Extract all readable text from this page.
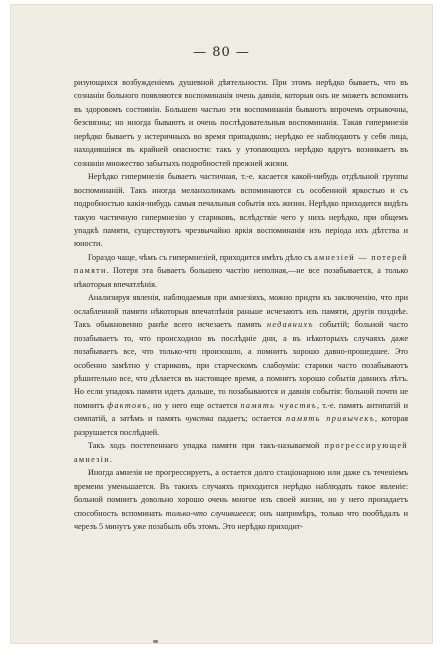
— 80 —

ризующихся возбужденіемъ душевной дѣятельности. При этомъ нерѣдко бываетъ, что въ сознаніи больного появляются воспоминанія очень давнія, которыя онъ не можетъ вспомнить въ здоровомъ состояніи. Большею частью эти воспоминанія бываютъ впрочемъ отрывочны, безсвязны; но иногда бываютъ и очень послѣдовательныя воспоминанія. Такая гипермнезія нерѣдко бываетъ у истеричныхъ во время припадковъ; нерѣдко ее наблюдаютъ у себя лица, находившіяся въ крайней опасности: такъ у утопающихъ нерѣдко вдругъ возникаетъ въ сознаніи множество забытыхъ подробностей прежней жизни.

Нерѣдко гипермнезія бываетъ частичная, т.-е. касается какой-нибудь отдѣльной группы воспоминаній. Такъ иногда меланхоликамъ вспоминаются съ особенной яркостью и съ подробностью какія-нибудь самыя печальныя событія ихъ жизни. Нерѣдко приходится видѣть такую частичную гипермнезію у стариковъ, вслѣдствіе чего у нихъ нерѣдко, при общемъ упадкѣ памяти, существуютъ чрезвычайно яркія воспоминанія изъ періода ихъ дѣтства и юности.

Гораздо чаще, чѣмъ съ гипермнезіей, приходится имѣть дѣло съ амнезіей — потерей памяти. Потеря эта бываетъ большею частію неполная,—не все позабывается, а только нѣкоторыя впечатлѣнія.

Анализируя явленія, наблюдаемыя при амнезіяхъ, можно придти къ заключенію, что при ослабленной памяти нѣкоторыя впечатлѣнія раньше исчезаютъ изъ памяти, другія позднѣе. Такъ обыкновенно ранѣе всего исчезаетъ память недавнихъ событій; больной часто позабываетъ то, что происходило въ послѣдніе дни, а въ нѣкоторыхъ случаяхъ даже позабываетъ все, что только-что произошло, а помнитъ хорошо давно-прошедшее. Это особенно замѣтно у стариковъ, при старческомъ слабоуміи: старики часто позабываютъ рѣшительно все, что дѣлается въ настоящее время, а помнятъ хорошо событія давнихъ лѣтъ. Но если упадокъ памяти идетъ дальше, то позабываются и давнія событія: больной почти не помнитъ фактовъ, но у него еще остается память чувствъ, т.-е. память антипатій и симпатій, а затѣмъ и память чувства падаетъ; остается память привычекъ, которая разрушается послѣдней.

Такъ ходъ постепеннаго упадка памяти при такъ-называемой прогрессирующей амнезіи.

Иногда амнезія не прогрессируетъ, а остается долго стаціонарною или даже съ теченіемъ времени уменьшается. Въ такихъ случаяхъ приходится нерѣдко наблюдать такое явленіе: больной помнитъ довольно хорошо очень многое изъ своей жизни, но у него пропадаетъ способность вспоминать только-что случившееся; онъ напримѣръ, только что пообѣдалъ и черезъ 5 минутъ уже позабылъ объ этомъ. Это нерѣдко приходит-
